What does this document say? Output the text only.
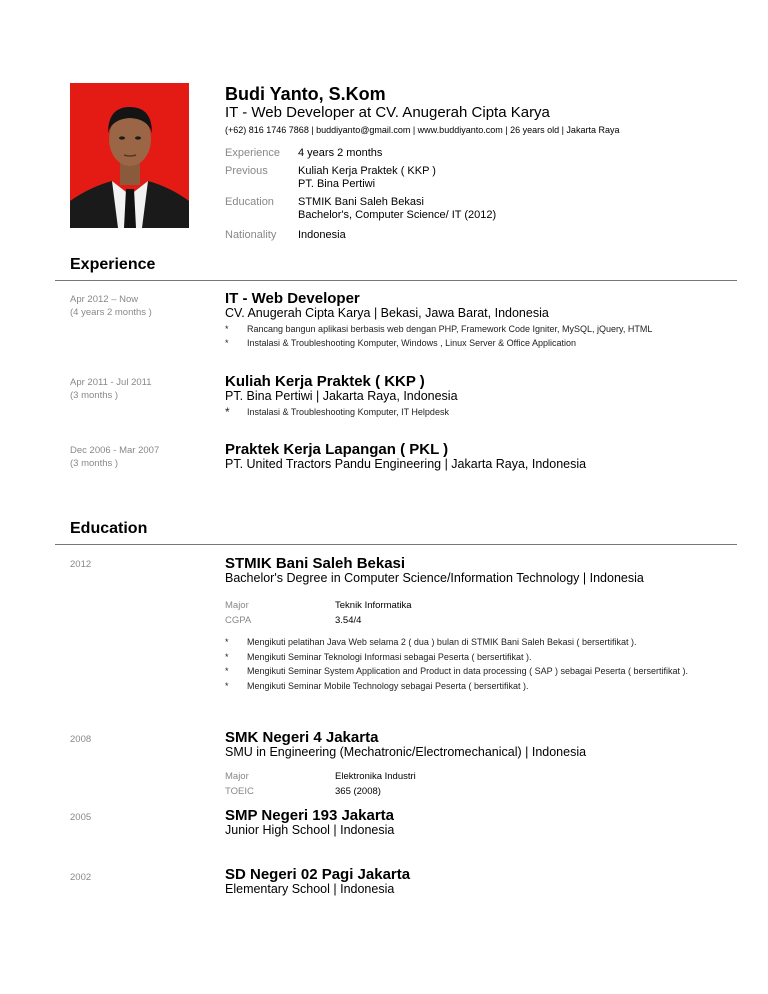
Budi Yanto, S.Kom
IT - Web Developer at CV. Anugerah Cipta Karya
(+62) 816 1746 7868 | buddiyanto@gmail.com | www.buddiyanto.com | 26 years old | Jakarta Raya
Experience 4 years 2 months
Previous	Kuliah Kerja Praktek ( KKP )
PT. Bina Pertiwi
Education STMIK Bani Saleh Bekasi
Bachelor's, Computer Science/ IT (2012)
Nationality Indonesia
Experience
Apr 2012 – Now
(4 years 2 months )
IT - Web Developer
CV. Anugerah Cipta Karya | Bekasi, Jawa Barat, Indonesia
* Rancang bangun aplikasi berbasis web dengan PHP, Framework Code Igniter, MySQL, jQuery, HTML
* Instalasi & Troubleshooting Komputer, Windows , Linux Server & Office Application
Apr 2011 - Jul 2011
(3 months )
Kuliah Kerja Praktek ( KKP )
PT. Bina Pertiwi | Jakarta Raya, Indonesia
* Instalasi & Troubleshooting Komputer, IT Helpdesk
Dec 2006 - Mar 2007
(3 months )
Praktek Kerja Lapangan ( PKL )
PT. United Tractors Pandu Engineering | Jakarta Raya, Indonesia
Education
2012	STMIK Bani Saleh Bekasi
Bachelor's Degree in Computer Science/Information Technology | Indonesia
Major	Teknik Informatika
CGPA	3.54/4
* Mengikuti pelatihan Java Web selama 2 ( dua ) bulan di STMIK Bani Saleh Bekasi ( bersertifikat ).
* Mengikuti Seminar Teknologi Informasi sebagai Peserta ( bersertifikat ).
* Mengikuti Seminar System Application and Product in data processing ( SAP ) sebagai Peserta ( bersertifikat ).
* Mengikuti Seminar Mobile Technology sebagai Peserta ( bersertifikat ).
2008	SMK Negeri 4 Jakarta
SMU in Engineering (Mechatronic/Electromechanical) | Indonesia
Major	Elektronika Industri
TOEIC	365 (2008)
2005	SMP Negeri 193 Jakarta
Junior High School | Indonesia
2002	SD Negeri 02 Pagi Jakarta
Elementary School | Indonesia
